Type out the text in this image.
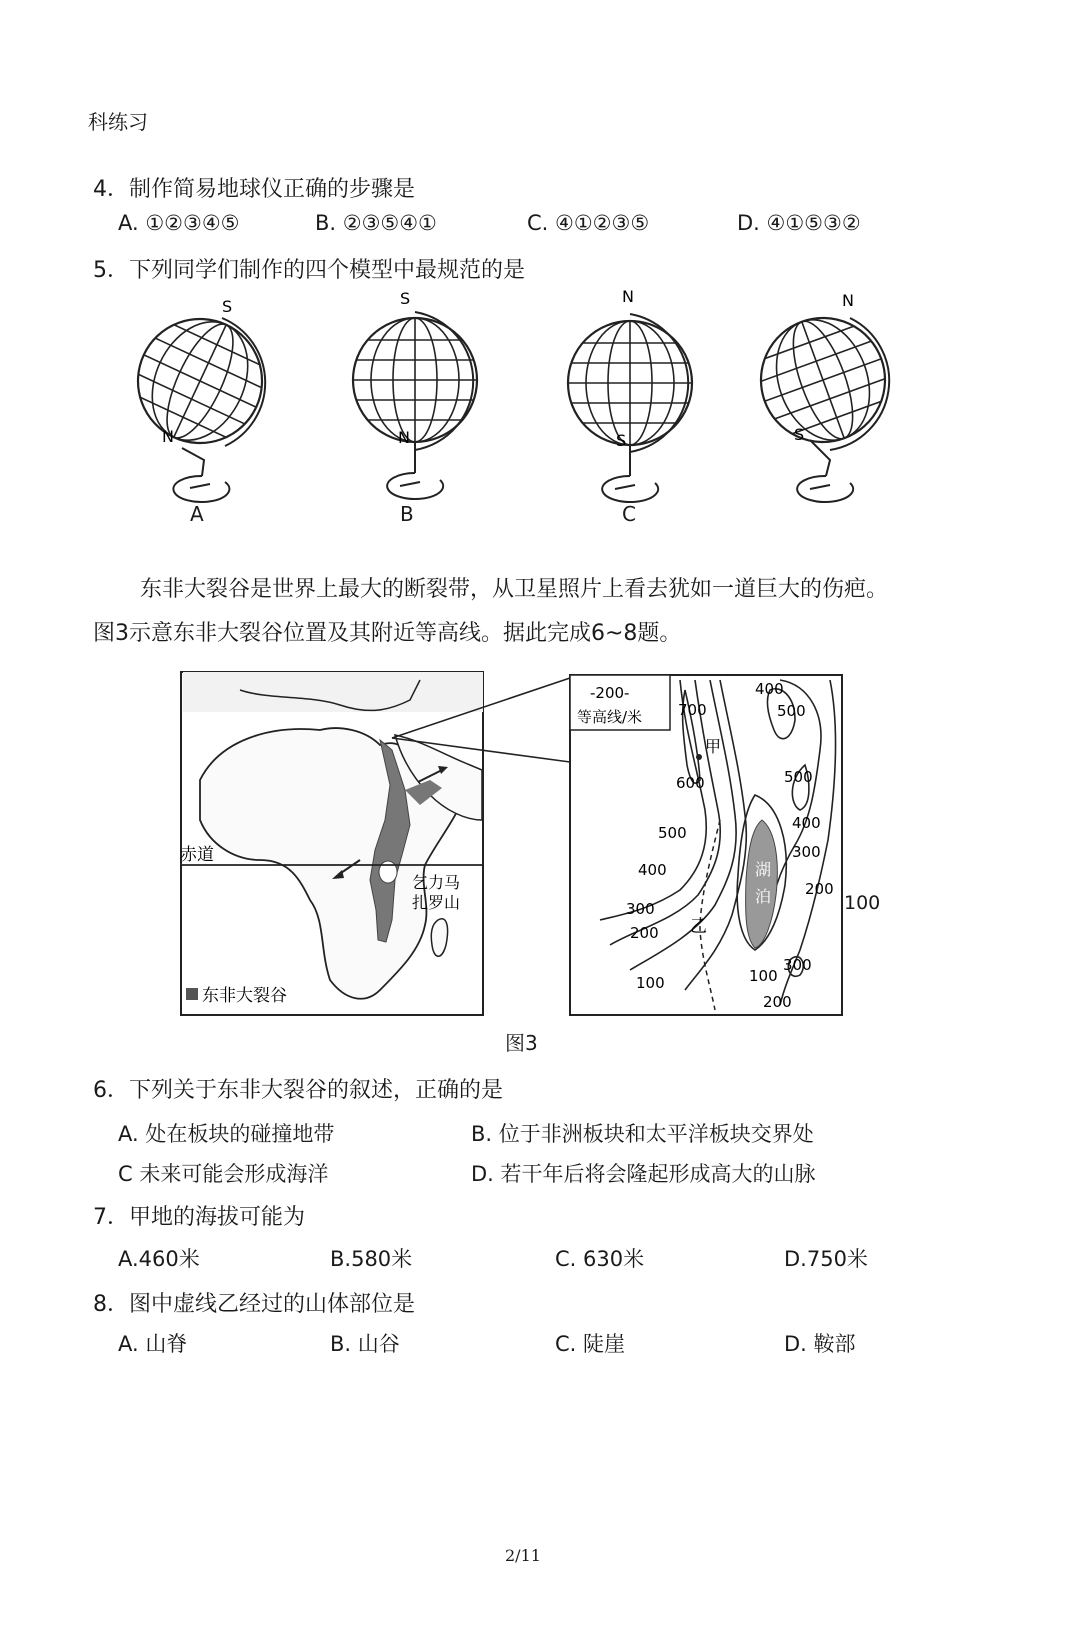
科练习
4．制作简易地球仪正确的步骤是
A. ①②③④⑤	B. ②③⑤④①	C. ④①②③⑤	D. ④①⑤③②
5．下列同学们制作的四个模型中最规范的是
S
N
S
N
N
S
N
S
A	B	C
东非大裂谷是世界上最大的断裂带，从卫星照片上看去犹如一道巨大的伤疤。
图3示意东非大裂谷位置及其附近等高线。据此完成6~8题。
赤道
乞力马
扎罗山
东非大裂谷
-200-
等高线/米
湖
泊
甲
乙
700
600
500
400
300
200
100
400
500
500
400
300
200
100
300
200
100
图3
6．下列关于东非大裂谷的叙述，正确的是
A. 处在板块的碰撞地带	B. 位于非洲板块和太平洋板块交界处
C 未来可能会形成海洋	D. 若干年后将会隆起形成高大的山脉
7．甲地的海拔可能为
A.460米	B.580米	C. 630米	D.750米
8．图中虚线乙经过的山体部位是
A. 山脊	B. 山谷	C. 陡崖	D. 鞍部
2/11
